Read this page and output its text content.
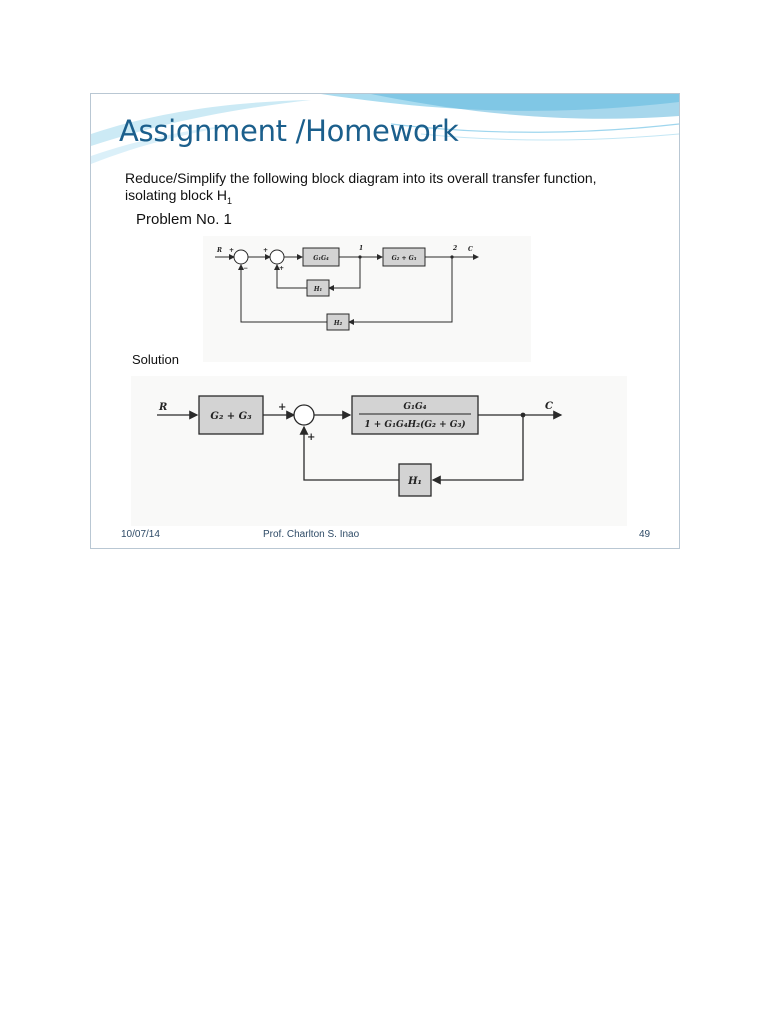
Assignment /Homework

Reduce/Simplify the following block diagram into its overall transfer function,

isolating block $H_1$

Problem No. 1
R +
−
+
+
G₁G₄
1
G₂ + G₃
2 C
H₁
H₂
Solution
R
G₂ + G₃
+
+
G₁G₄
1 + G₁G₄H₂(G₂ + G₃)
C
H₁
10/07/14	Prof. Charlton S. Inao	49
